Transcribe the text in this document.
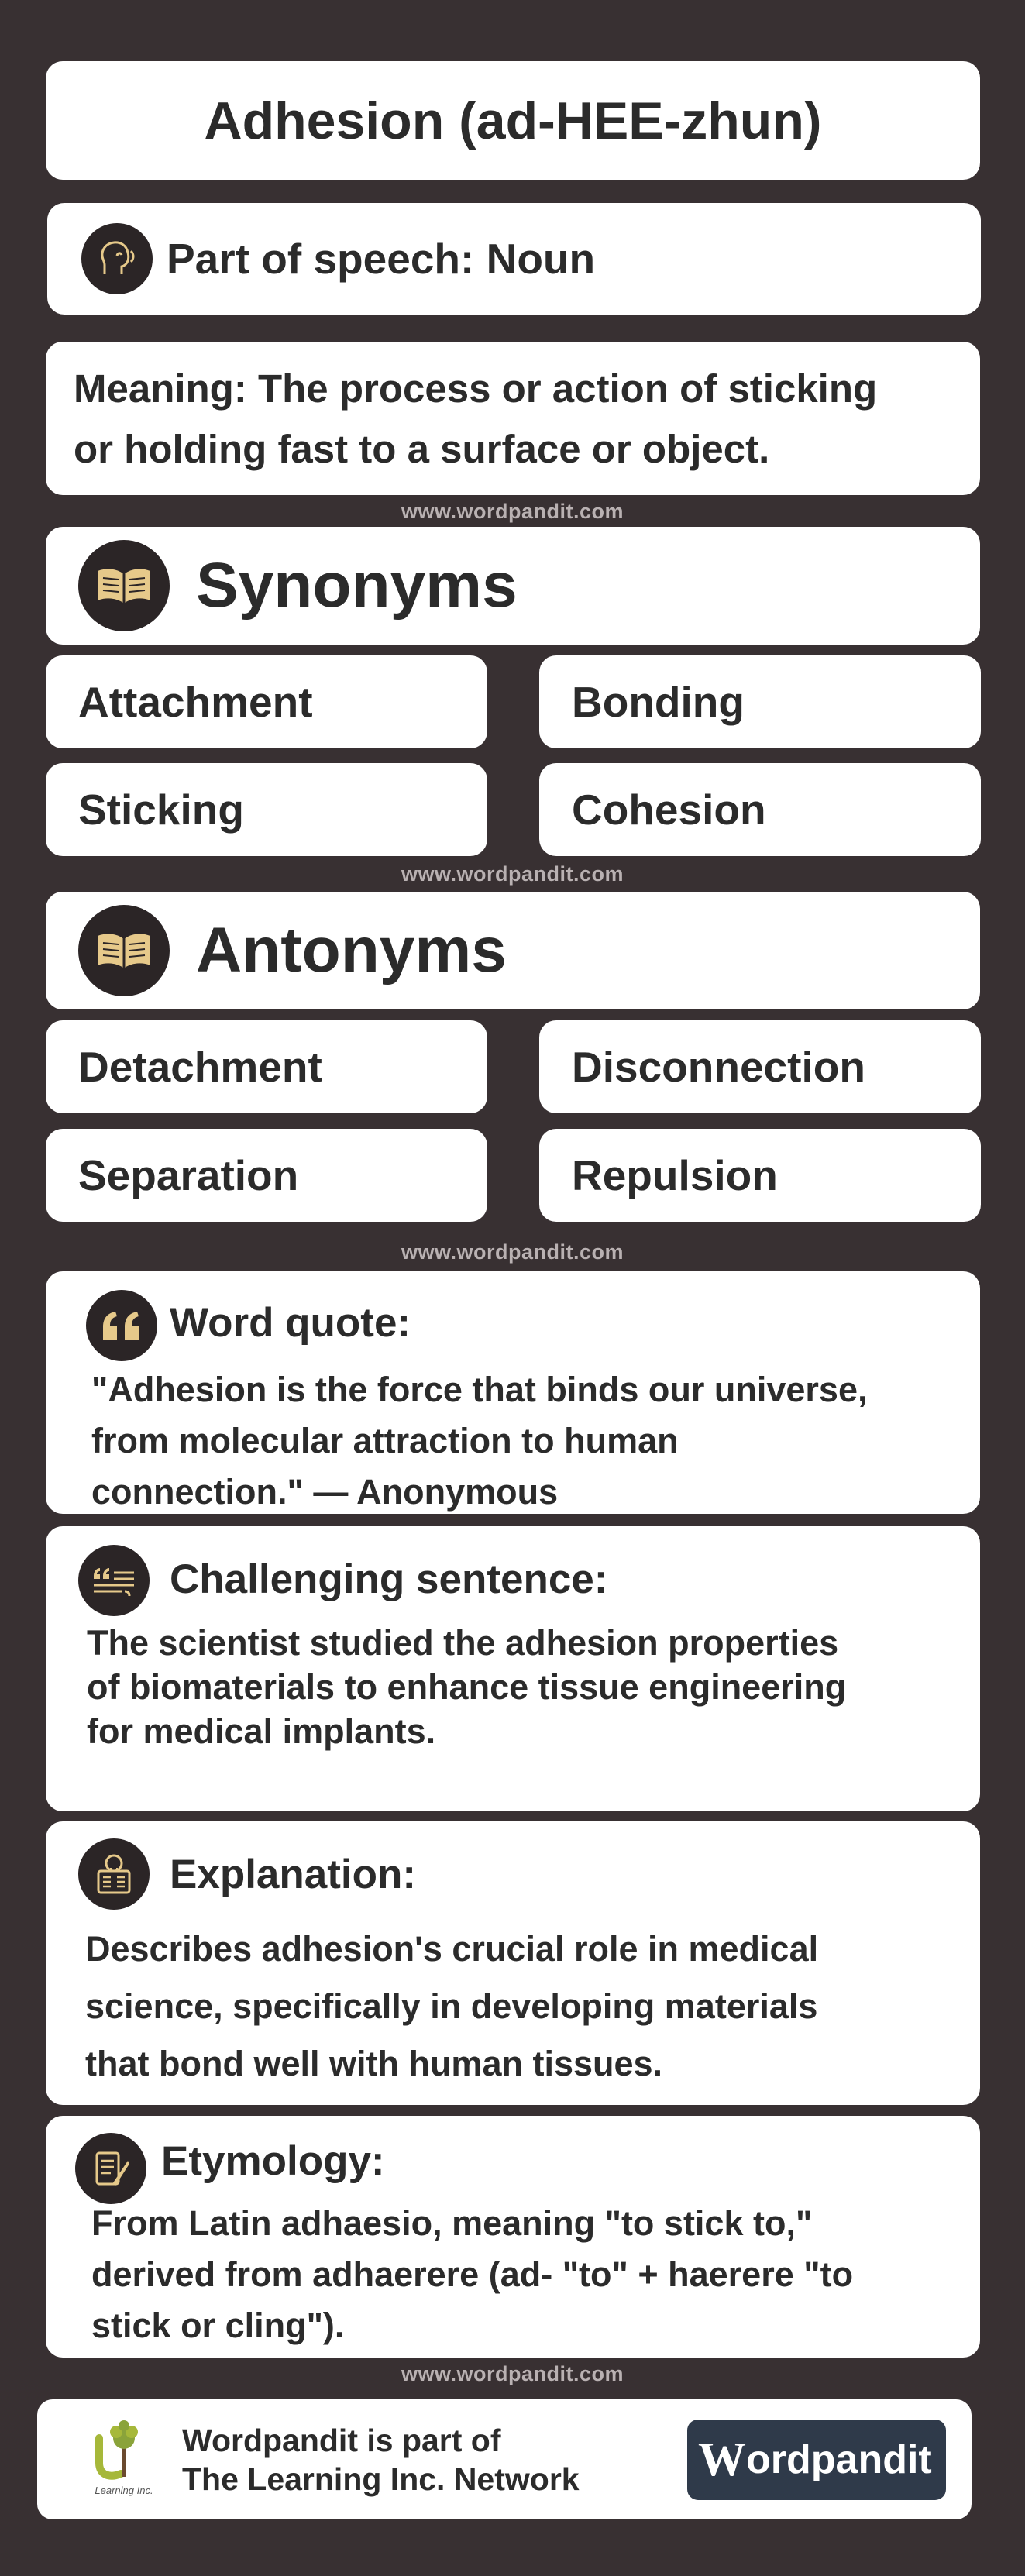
Adhesion (ad-HEE-zhun)
Part of speech: Noun
Meaning: The process or action of sticking
or holding fast to a surface or object.
www.wordpandit.com
Synonyms
Attachment	Bonding
Sticking	Cohesion
www.wordpandit.com
Antonyms
Detachment	Disconnection
Separation	Repulsion
www.wordpandit.com
Word quote:
"Adhesion is the force that binds our universe,
from molecular attraction to human
connection." — Anonymous
Challenging sentence:
The scientist studied the adhesion properties
of biomaterials to enhance tissue engineering
for medical implants.
Explanation:
Describes adhesion's crucial role in medical
science, specifically in developing materials
that bond well with human tissues.
Etymology:
From Latin adhaesio, meaning "to stick to,"
derived from adhaerere (ad- "to" + haerere "to
stick or cling").
www.wordpandit.com
Learning Inc.
Wordpandit is part of
The Learning Inc. Network W ordpandit
